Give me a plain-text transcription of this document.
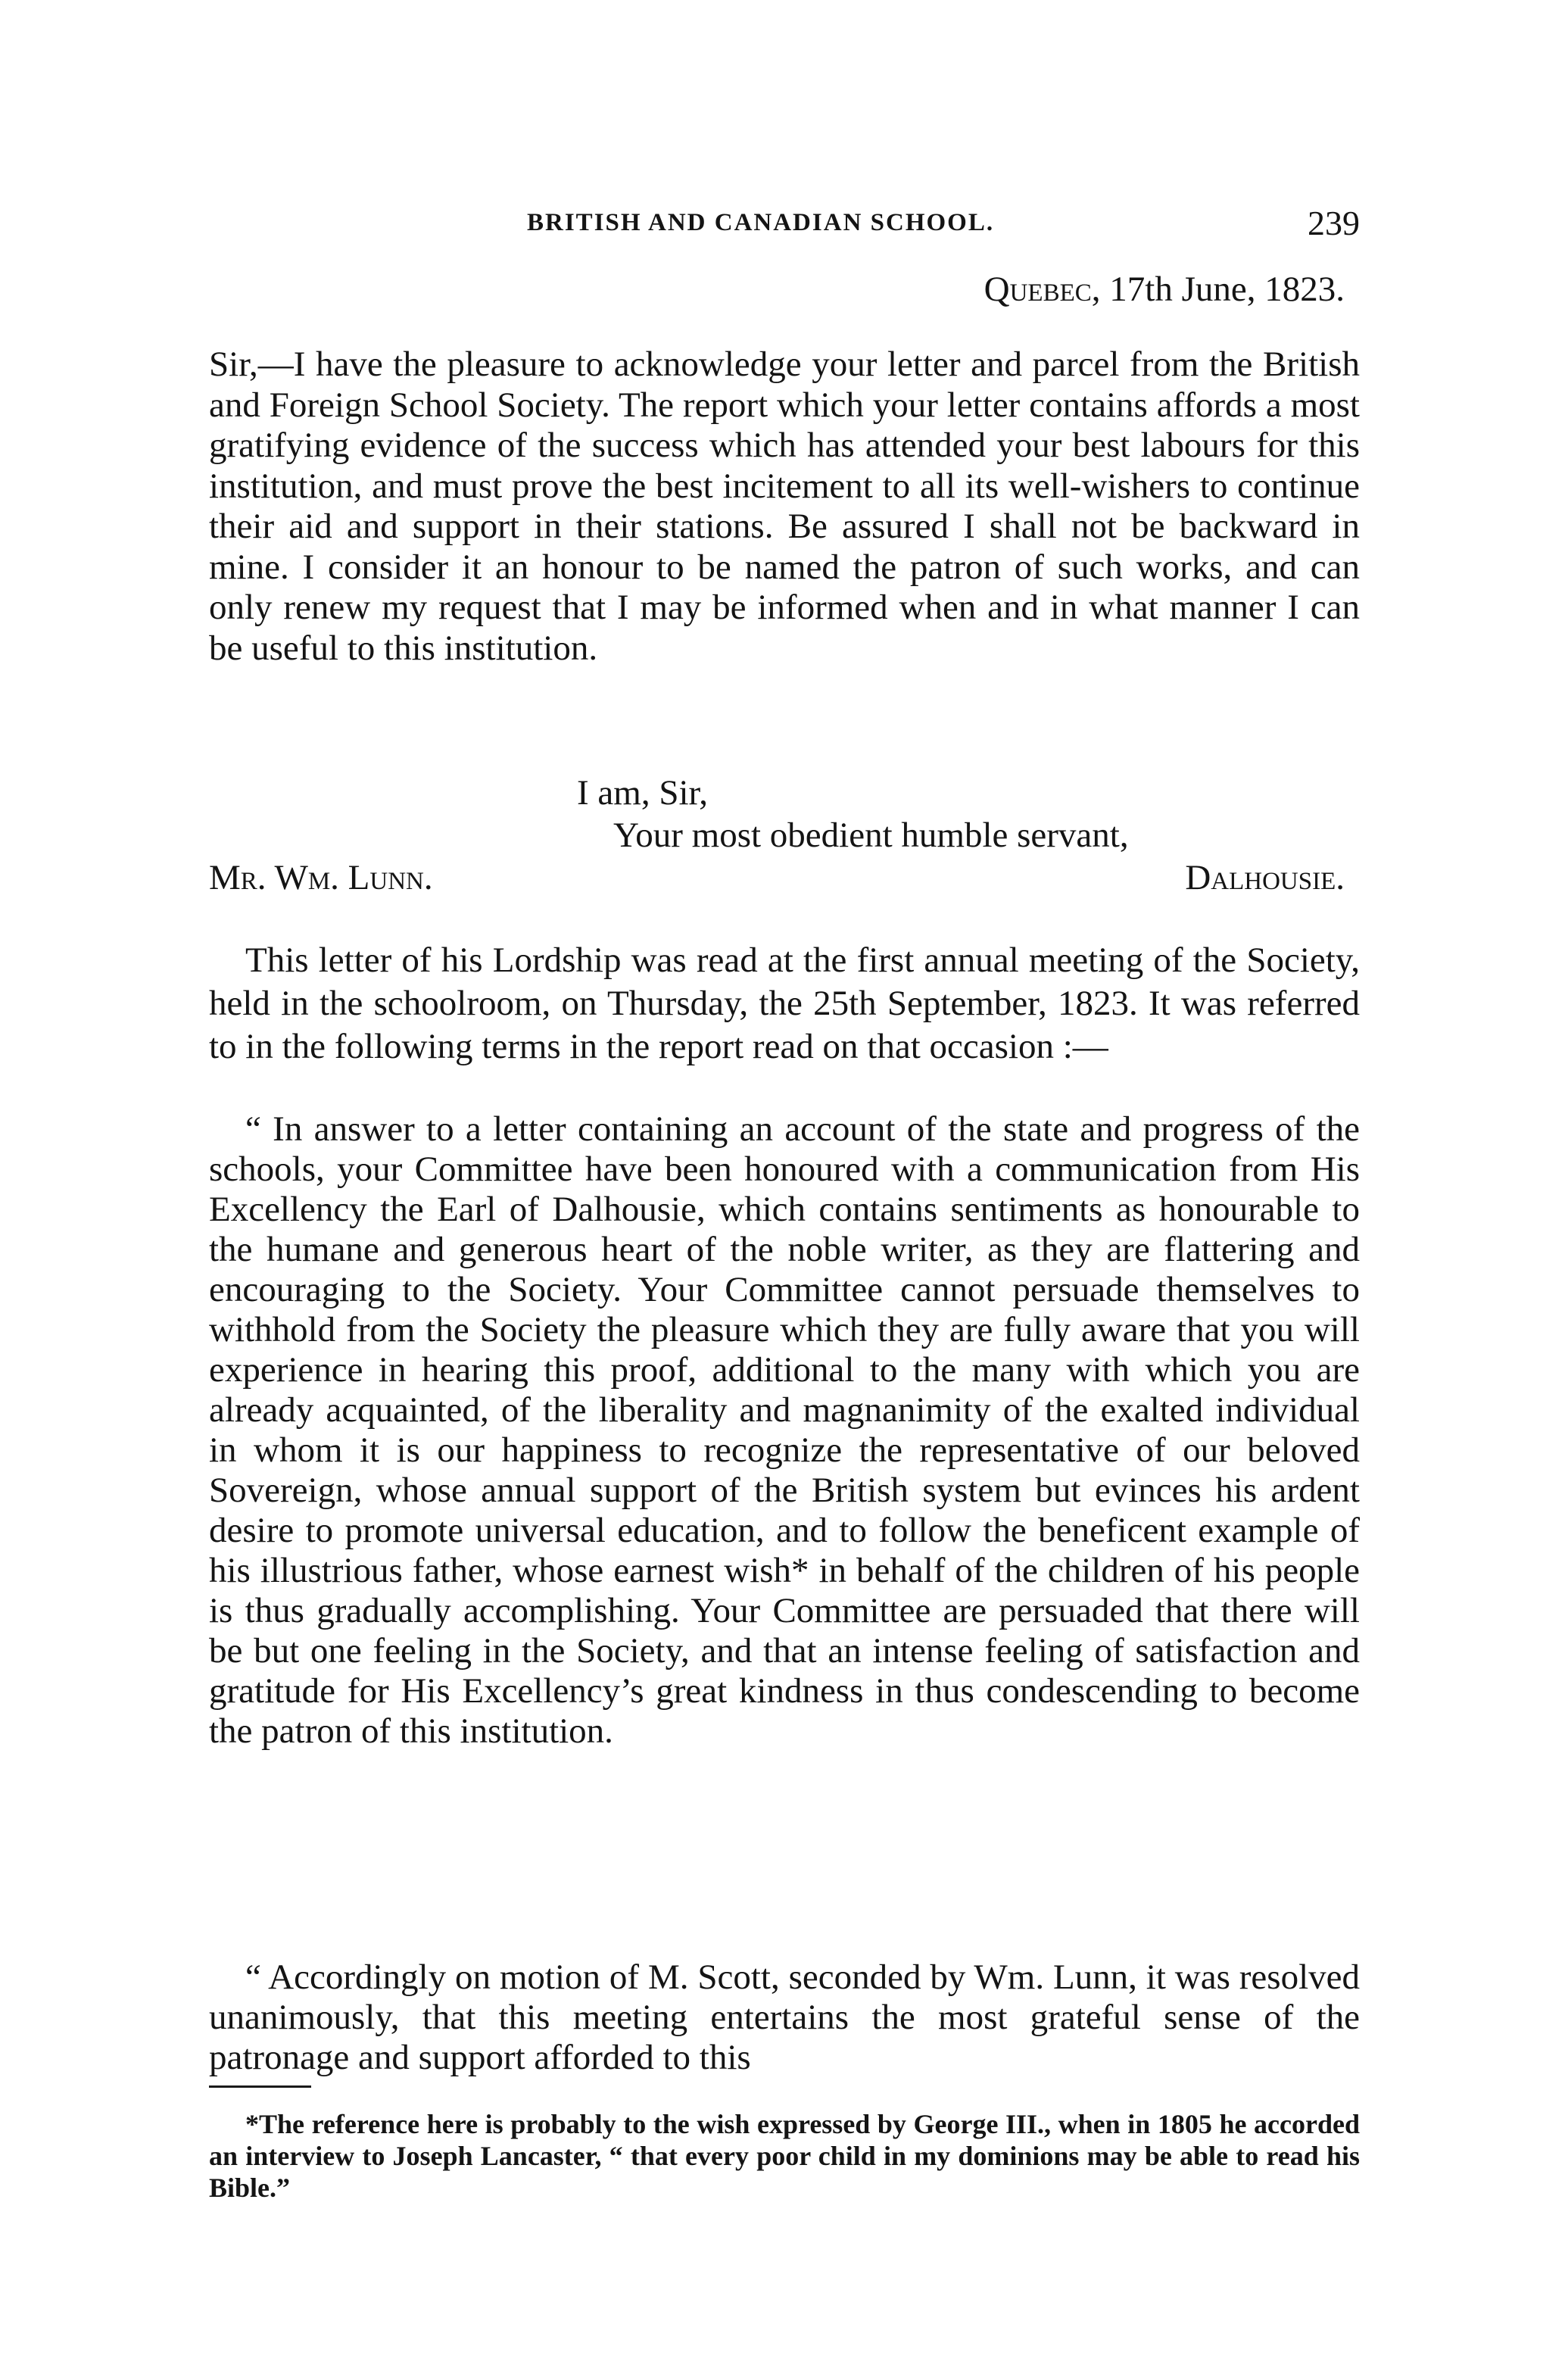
BRITISH AND CANADIAN SCHOOL.	239
Quebec, 17th June, 1823.
Sir,—I have the pleasure to acknowledge your letter and parcel from the British and Foreign School Society. The report which your letter contains affords a most gratifying evidence of the success which has attended your best labours for this institution, and must prove the best incitement to all its well-wishers to continue their aid and support in their stations. Be assured I shall not be backward in mine. I consider it an honour to be named the patron of such works, and can only renew my request that I may be informed when and in what manner I can be useful to this institution.
I am, Sir,
Your most obedient humble servant,
Mr. Wm. Lunn.	Dalhousie.
This letter of his Lordship was read at the first annual meeting of the Society, held in the schoolroom, on Thursday, the 25th September, 1823. It was referred to in the following terms in the report read on that occasion :—
“ In answer to a letter containing an account of the state and progress of the schools, your Committee have been honoured with a communication from His Excellency the Earl of Dalhousie, which contains sentiments as honourable to the humane and generous heart of the noble writer, as they are flattering and encouraging to the Society. Your Committee cannot persuade themselves to withhold from the Society the pleasure which they are fully aware that you will experience in hearing this proof, additional to the many with which you are already acquainted, of the liberality and magnanimity of the exalted individual in whom it is our happiness to recognize the representative of our beloved Sovereign, whose annual support of the British system but evinces his ardent desire to promote universal education, and to follow the beneficent example of his illustrious father, whose earnest wish* in behalf of the children of his people is thus gradually accomplishing. Your Committee are persuaded that there will be but one feeling in the Society, and that an intense feeling of satisfaction and gratitude for His Excellency’s great kindness in thus condescending to become the patron of this institution.
“ Accordingly on motion of M. Scott, seconded by Wm. Lunn, it was resolved unanimously, that this meeting entertains the most grateful sense of the patronage and support afforded to this
*The reference here is probably to the wish expressed by George III., when in 1805 he accorded an interview to Joseph Lancaster, “ that every poor child in my dominions may be able to read his Bible.”
